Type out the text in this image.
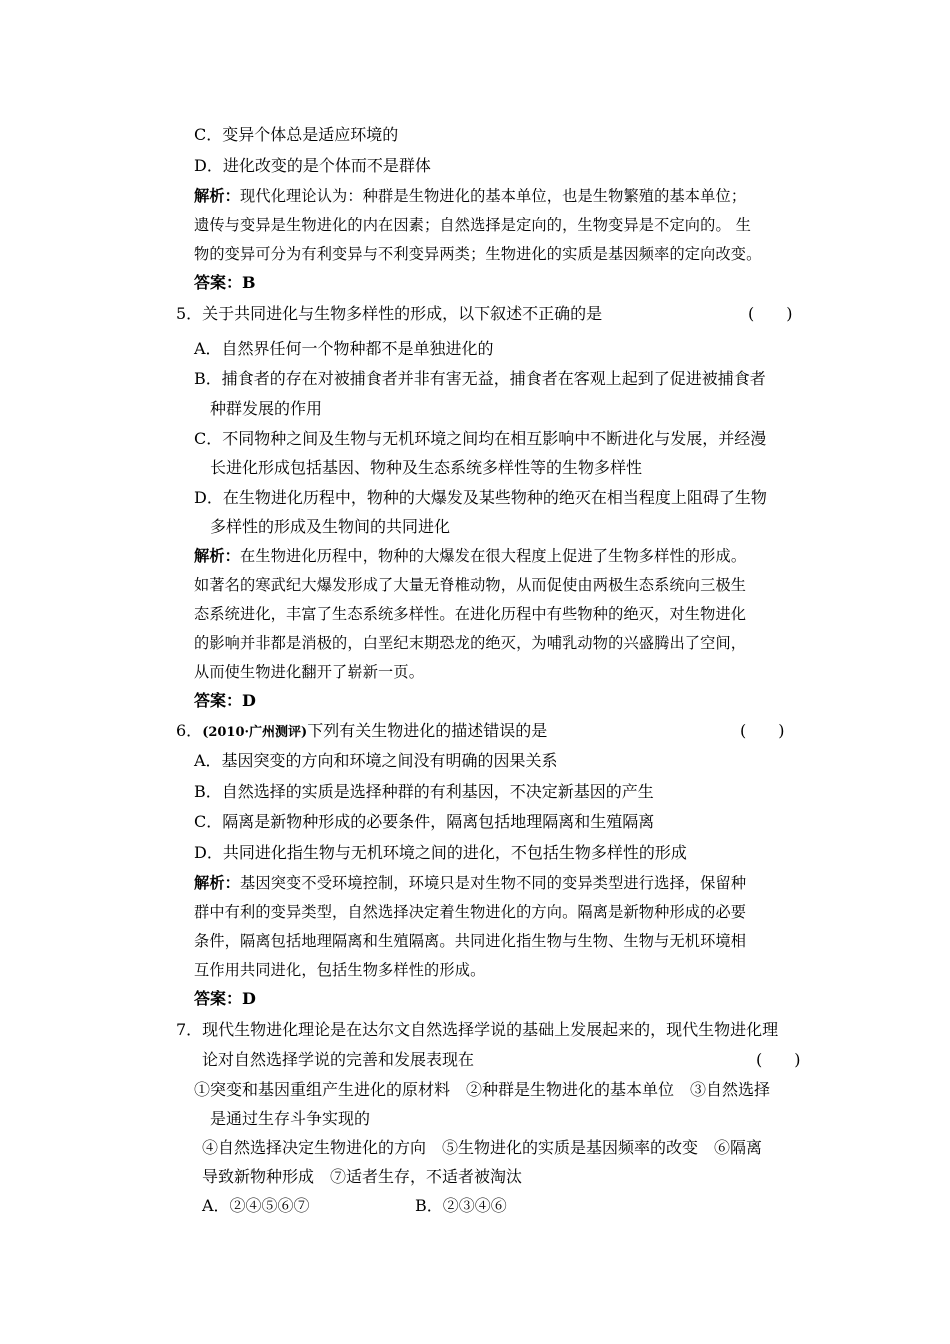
C．变异个体总是适应环境的
D．进化改变的是个体而不是群体
解析：现代化理论认为：种群是生物进化的基本单位，也是生物繁殖的基本单位；
遗传与变异是生物进化的内在因素；自然选择是定向的，生物变异是不定向的。 生
物的变异可分为有利变异与不利变异两类；生物进化的实质是基因频率的定向改变。
答案：B
5．关于共同进化与生物多样性的形成，以下叙述不正确的是	(　　)
A．自然界任何一个物种都不是单独进化的
B．捕食者的存在对被捕食者并非有害无益，捕食者在客观上起到了促进被捕食者
种群发展的作用
C．不同物种之间及生物与无机环境之间均在相互影响中不断进化与发展，并经漫
长进化形成包括基因、物种及生态系统多样性等的生物多样性
D．在生物进化历程中，物种的大爆发及某些物种的绝灭在相当程度上阻碍了生物
多样性的形成及生物间的共同进化
解析：在生物进化历程中，物种的大爆发在很大程度上促进了生物多样性的形成。
如著名的寒武纪大爆发形成了大量无脊椎动物，从而促使由两极生态系统向三极生
态系统进化，丰富了生态系统多样性。在进化历程中有些物种的绝灭，对生物进化
的影响并非都是消极的，白垩纪末期恐龙的绝灭，为哺乳动物的兴盛腾出了空间，
从而使生物进化翻开了崭新一页。
答案：D
6．(2010·广州测评)下列有关生物进化的描述错误的是	(　　)
A．基因突变的方向和环境之间没有明确的因果关系
B．自然选择的实质是选择种群的有利基因，不决定新基因的产生
C．隔离是新物种形成的必要条件，隔离包括地理隔离和生殖隔离
D．共同进化指生物与无机环境之间的进化，不包括生物多样性的形成
解析：基因突变不受环境控制，环境只是对生物不同的变异类型进行选择，保留种
群中有利的变异类型，自然选择决定着生物进化的方向。隔离是新物种形成的必要
条件，隔离包括地理隔离和生殖隔离。共同进化指生物与生物、生物与无机环境相
互作用共同进化，包括生物多样性的形成。
答案：D
7．现代生物进化理论是在达尔文自然选择学说的基础上发展起来的，现代生物进化理
论对自然选择学说的完善和发展表现在	(　　)
①突变和基因重组产生进化的原材料　②种群是生物进化的基本单位　③自然选择
是通过生存斗争实现的
④自然选择决定生物进化的方向　⑤生物进化的实质是基因频率的改变　⑥隔离
导致新物种形成　⑦适者生存，不适者被淘汰
A．②④⑤⑥⑦	B．②③④⑥
